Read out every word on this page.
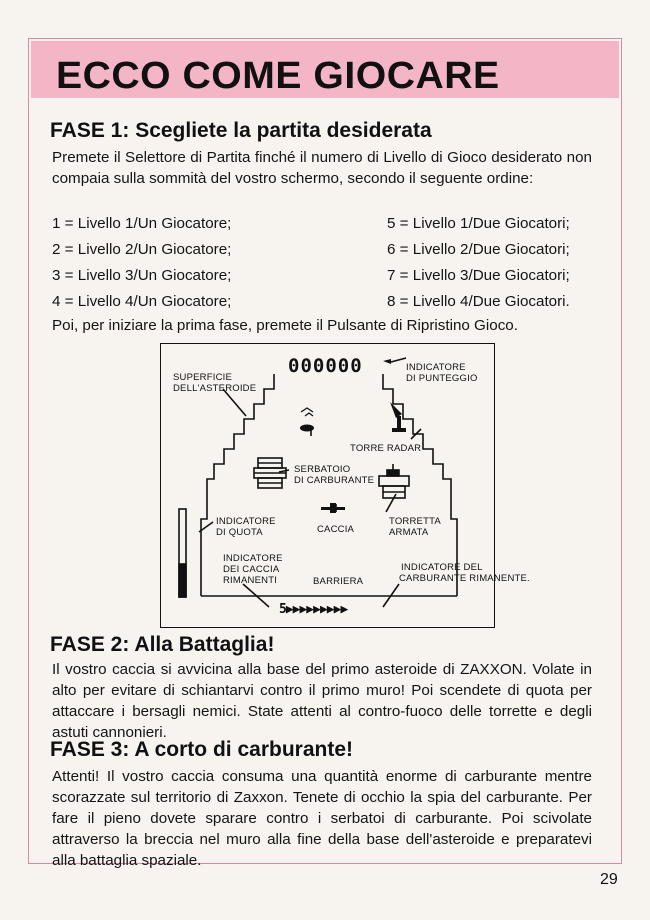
ECCO COME GIOCARE
FASE 1: Scegliete la partita desiderata

Premete il Selettore di Partita finché il numero di Livello di Gioco desiderato non compaia sulla sommità del vostro schermo, secondo il seguente ordine:

1 = Livello 1/Un Giocatore;
2 = Livello 2/Un Giocatore;
3 = Livello 3/Un Giocatore;
4 = Livello 4/Un Giocatore;
5 = Livello 1/Due Giocatori;
6 = Livello 2/Due Giocatori;
7 = Livello 3/Due Giocatori;
8 = Livello 4/Due Giocatori.

Poi, per iniziare la prima fase, premete il Pulsante di Ripristino Gioco.

000000
SUPERFICIE
DELL'ASTEROIDE
INDICATORE
DI PUNTEGGIO
TORRE RADAR
SERBATOIO
DI CARBURANTE
INDICATORE
DI QUOTA	CACCIA
TORRETTA
ARMATA
INDICATORE
DEI CACCIA
RIMANENTI	BARRIERA
INDICATORE DEL
CARBURANTE RIMANENTE.
5▶▶▶▶▶▶▶▶▶
FASE 2: Alla Battaglia!

Il vostro caccia si avvicina alla base del primo asteroide di ZAXXON. Volate in alto per evitare di schiantarvi contro il primo muro! Poi scendete di quota per attaccare i bersagli nemici. State attenti al contro-fuoco delle torrette e degli astuti cannonieri.

FASE 3: A corto di carburante!

Attenti! Il vostro caccia consuma una quantità enorme di carburante mentre scorazzate sul territorio di Zaxxon. Tenete di occhio la spia del carburante. Per fare il pieno dovete sparare contro i serbatoi di carburante. Poi scivolate attraverso la breccia nel muro alla fine della base dell'asteroide e preparatevi alla battaglia spaziale.

29
